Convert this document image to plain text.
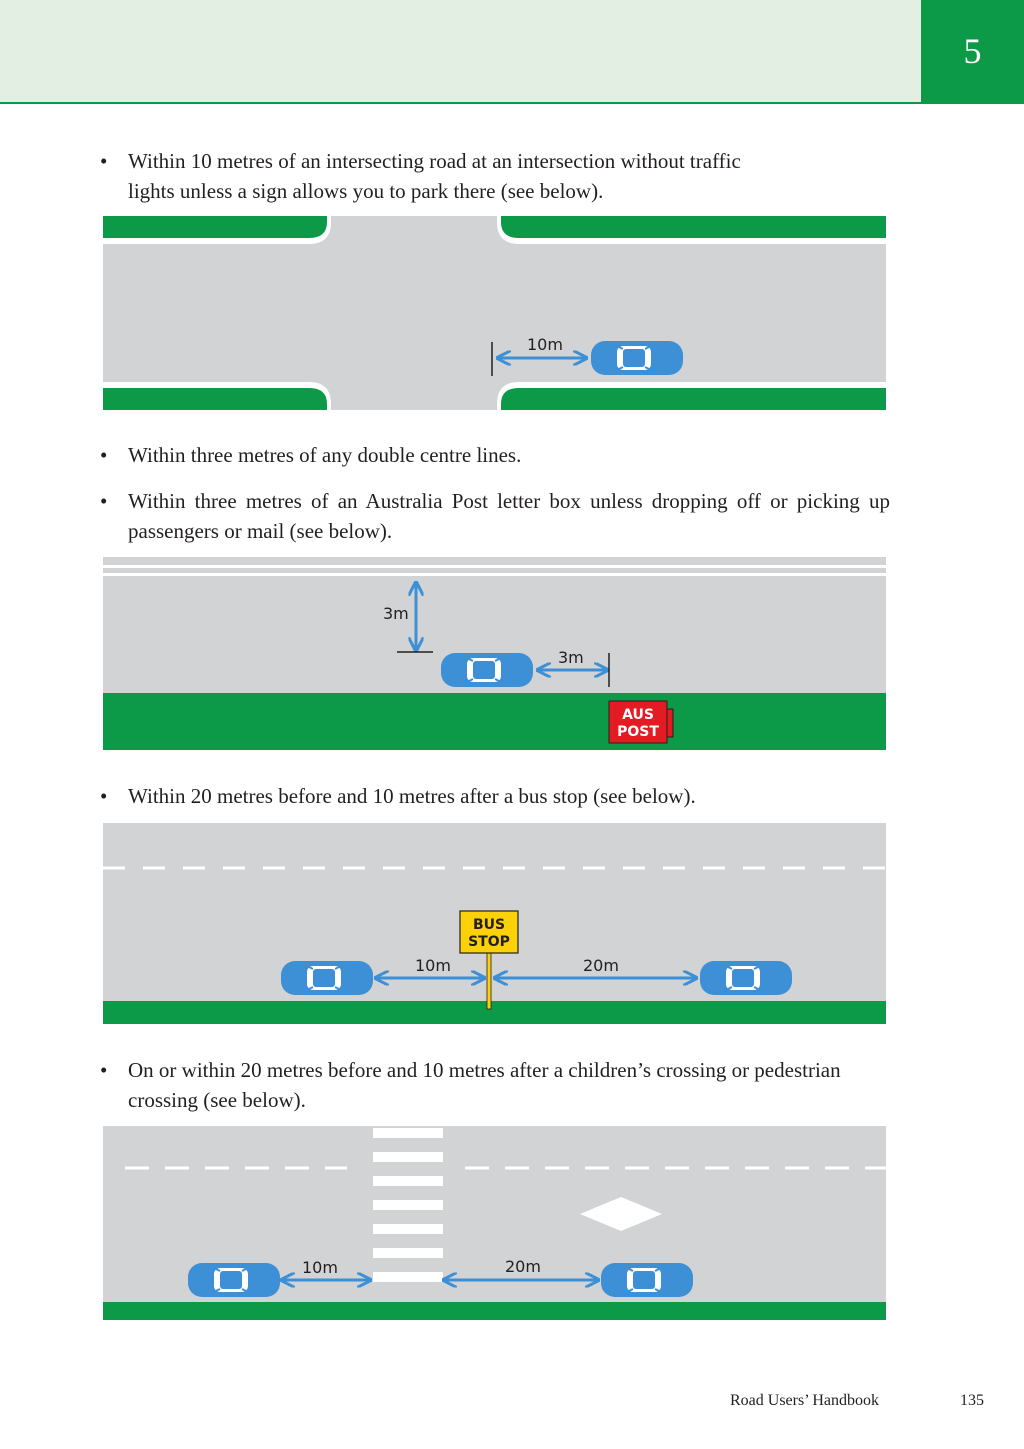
5
• Within 10 metres of an intersecting road at an intersection without traffic lights unless a sign allows you to park there (see below).
10m
• Within three metres of any double centre lines.
• Within three metres of an Australia Post letter box unless dropping off or picking up passengers or mail (see below).
3m
3m
AUS
POST
• Within 20 metres before and 10 metres after a bus stop (see below).
BUS
STOP
10m	20m
• On or within 20 metres before and 10 metres after a children’s crossing or pedestrian crossing (see below).
10m	20m
Road Users’ Handbook	135
